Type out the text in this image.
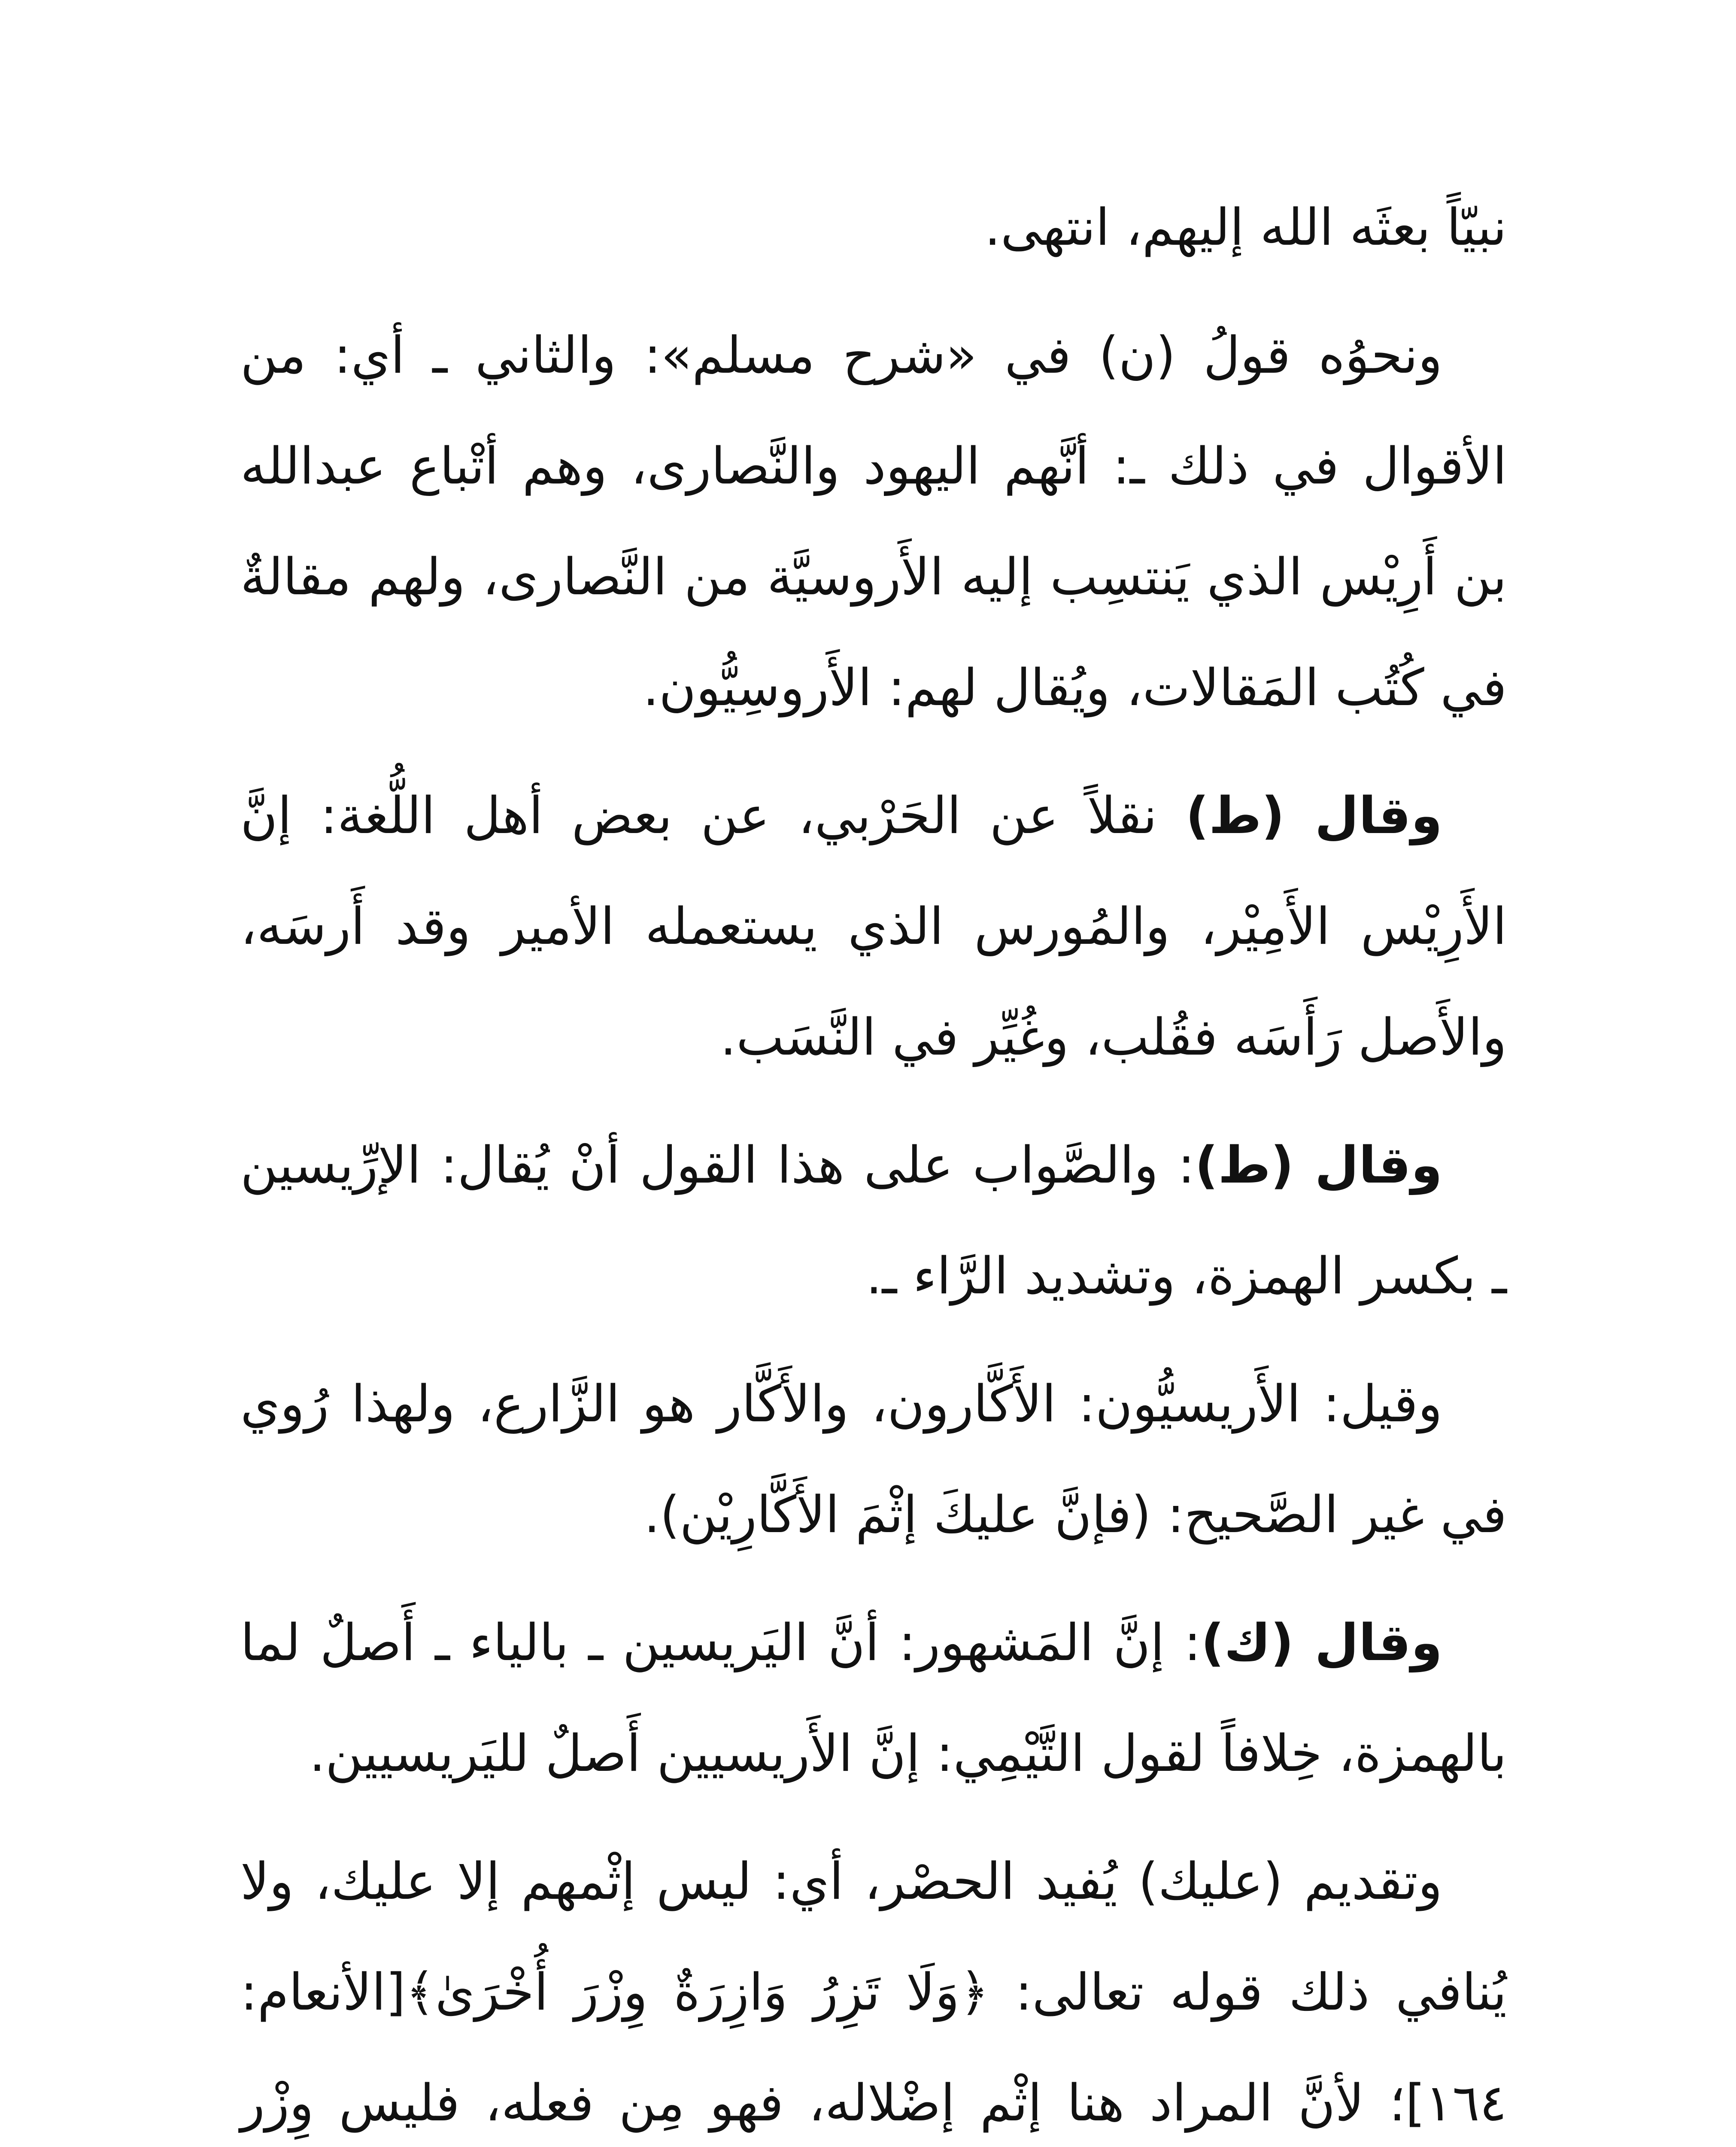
نبيّاً بعثَه الله إليهم، انتهى.

ونحوُه قولُ (ن) في «شرح مسلم»: والثاني ـ أي: من الأقوال في ذلك ـ: أنَّهم اليهود والنَّصارى، وهم أتْباع عبدالله بن أَرِيْس الذي يَنتسِب إليه الأَروسيَّة من النَّصارى، ولهم مقالةٌ في كُتُب المَقالات، ويُقال لهم: الأَروسِيُّون.

وقال (ط) نقلاً عن الحَرْبي، عن بعض أهل اللُّغة: إنَّ الأَرِيْس الأَمِيْر، والمُورس الذي يستعمله الأمير وقد أَرسَه، والأَصل رَأَسَه فقُلب، وغُيِّر في النَّسَب.

وقال (ط): والصَّواب على هذا القول أنْ يُقال: الإرِّيسين ـ بكسر الهمزة، وتشديد الرَّاء ـ.

وقيل: الأَريسيُّون: الأَكَّارون، والأَكَّار هو الزَّارع، ولهذا رُوي في غير الصَّحيح: (فإنَّ عليكَ إثْمَ الأَكَّارِيْن).

وقال (ك): إنَّ المَشهور: أنَّ اليَريسين ـ بالياء ـ أَصلٌ لما بالهمزة، خِلافاً لقول التَّيْمِي: إنَّ الأَريسيين أَصلٌ لليَريسيين.

وتقديم (عليك) يُفيد الحصْر، أي: ليس إثْمهم إلا عليك، ولا يُنافي ذلك قوله تعالى: ﴿وَلَا تَزِرُ وَازِرَةٌ وِزْرَ أُخْرَىٰ﴾[الأنعام: ١٦٤]؛ لأنَّ المراد هنا إثْم إضْلاله، فهو مِن فعله، فليس وِزْر
